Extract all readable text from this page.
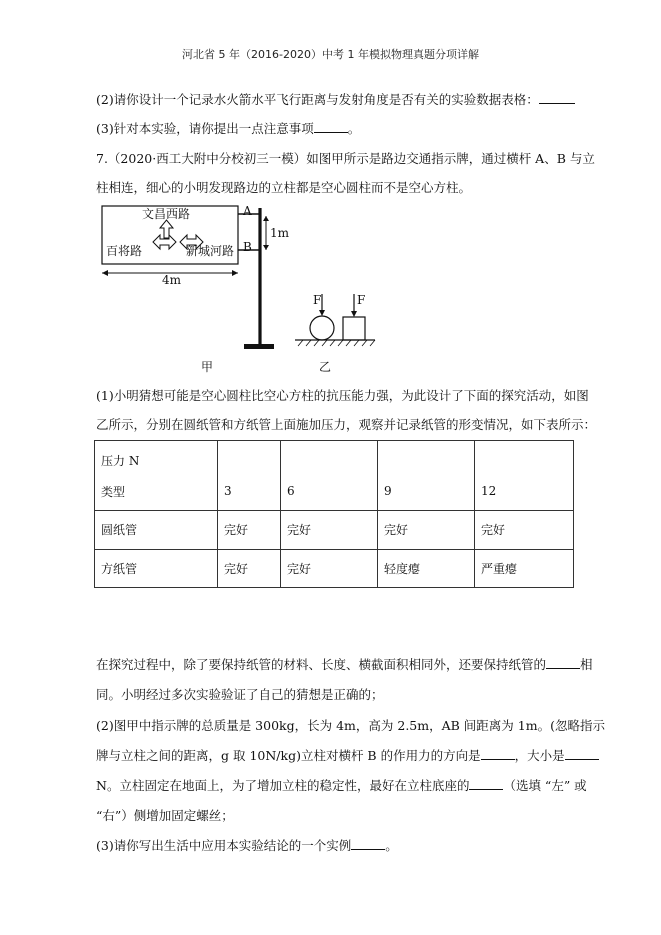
河北省 5 年（2016-2020）中考 1 年模拟物理真题分项详解
(2)请你设计一个记录水火箭水平飞行距离与发射角度是否有关的实验数据表格：
(3)针对本实验，请你提出一点注意事项	。
7.（2020·西工大附中分校初三一模）如图甲所示是路边交通指示牌，通过横杆 A、B 与立
柱相连，细心的小明发现路边的立柱都是空心圆柱而不是空心方柱。
文昌西路
百将路	新城河路
4m
A
B
1m
F	F
甲	乙
(1)小明猜想可能是空心圆柱比空心方柱的抗压能力强，为此设计了下面的探究活动，如图
乙所示，分别在圆纸管和方纸管上面施加压力，观察并记录纸管的形变情况，如下表所示：
压力 N
类型	3	6	9	12
圆纸管	完好	完好	完好	完好
方纸管	完好	完好	轻度瘪	严重瘪
在探究过程中，除了要保持纸管的材料、长度、横截面积相同外，还要保持纸管的	相
同。小明经过多次实验验证了自己的猜想是正确的；
(2)图甲中指示牌的总质量是 300kg，长为 4m，高为 2.5m，AB 间距离为 1m。(忽略指示
牌与立柱之间的距离，g 取 10N/kg)立柱对横杆 B 的作用力的方向是	，大小是
N。立柱固定在地面上，为了增加立柱的稳定性，最好在立柱底座的	（选填 “左” 或
“右”）侧增加固定螺丝；
(3)请你写出生活中应用本实验结论的一个实例	。
